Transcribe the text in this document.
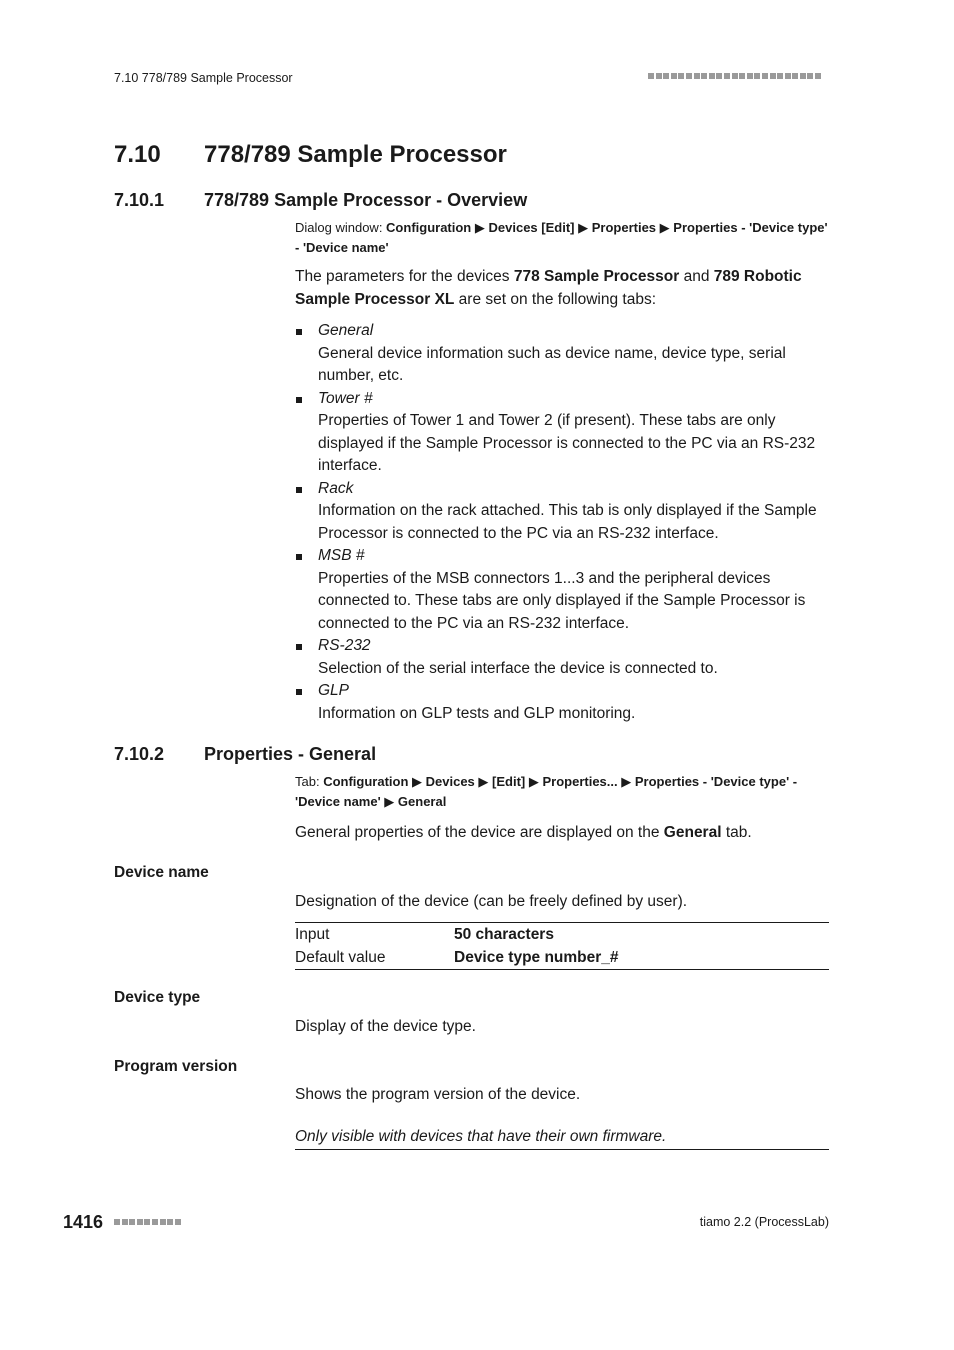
7.10 778/789 Sample Processor
7.10 778/789 Sample Processor
7.10.1 778/789 Sample Processor - Overview
Dialog window: Configuration ▶ Devices [Edit] ▶ Properties ▶ Properties - 'Device type' - 'Device name'
The parameters for the devices 778 Sample Processor and 789 Robotic Sample Processor XL are set on the following tabs:
General
General device information such as device name, device type, serial number, etc.
Tower #
Properties of Tower 1 and Tower 2 (if present). These tabs are only displayed if the Sample Processor is connected to the PC via an RS-232 interface.
Rack
Information on the rack attached. This tab is only displayed if the Sample Processor is connected to the PC via an RS-232 interface.
MSB #
Properties of the MSB connectors 1...3 and the peripheral devices connected to. These tabs are only displayed if the Sample Processor is connected to the PC via an RS-232 interface.
RS-232
Selection of the serial interface the device is connected to.
GLP
Information on GLP tests and GLP monitoring.
7.10.2 Properties - General
Tab: Configuration ▶ Devices ▶ [Edit] ▶ Properties... ▶ Properties - 'Device type' - 'Device name' ▶ General
General properties of the device are displayed on the General tab.
Device name
Designation of the device (can be freely defined by user).
Input	50 characters
Default value	Device type number_#
Device type
Display of the device type.
Program version
Shows the program version of the device.
Only visible with devices that have their own firmware.
1416	tiamo 2.2 (ProcessLab)
